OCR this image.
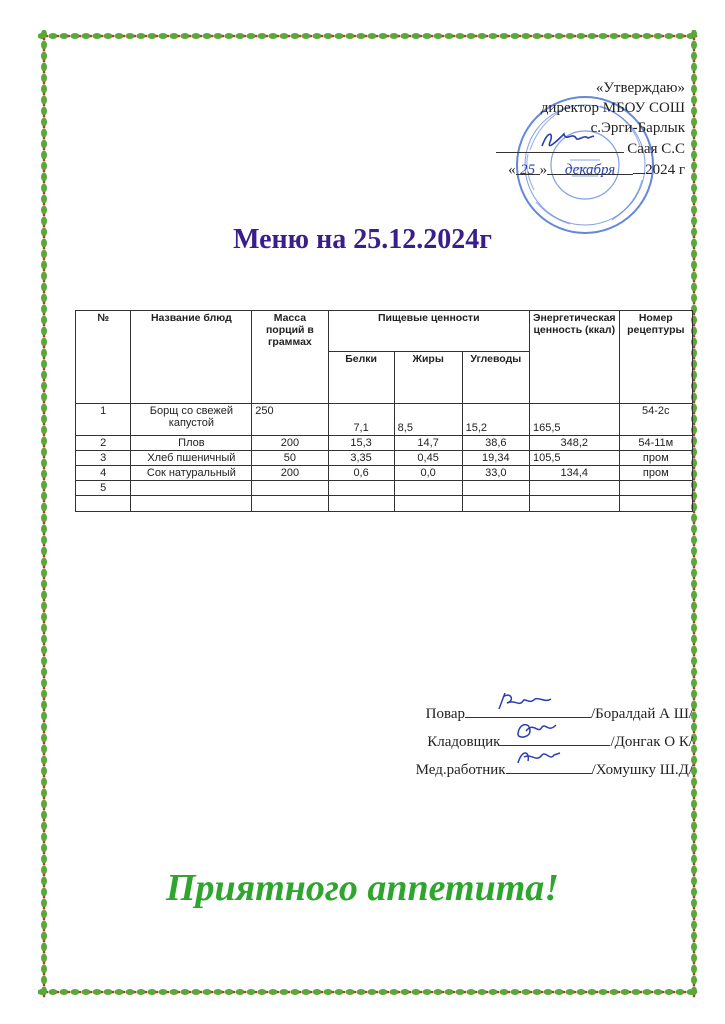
«Утверждаю»
директор МБОУ СОШ
с.Эрги-Барлык
Саая С.С
« 25 » декабря 2024 г
Меню на 25.12.2024г
№	Название блюд	Масса порций в граммах	Пищевые ценности			Энергетическая ценность (ккал)	Номер рецептуры
			Белки	Жиры	Углеводы		
1	Борщ со свежей капустой	250	7,1	8,5	15,2	165,5	54-2с
2	Плов	200	15,3	14,7	38,6	348,2	54-11м
3	Хлеб пшеничный	50	3,35	0,45	19,34	105,5	пром
4	Сок натуральный	200	0,6	0,0	33,0	134,4	пром
5							

Повар	/Боралдай А Ш/
Кладовщик	/Донгак О К/
Мед.работник	/Хомушку Ш.Д/
Приятного аппетита!
